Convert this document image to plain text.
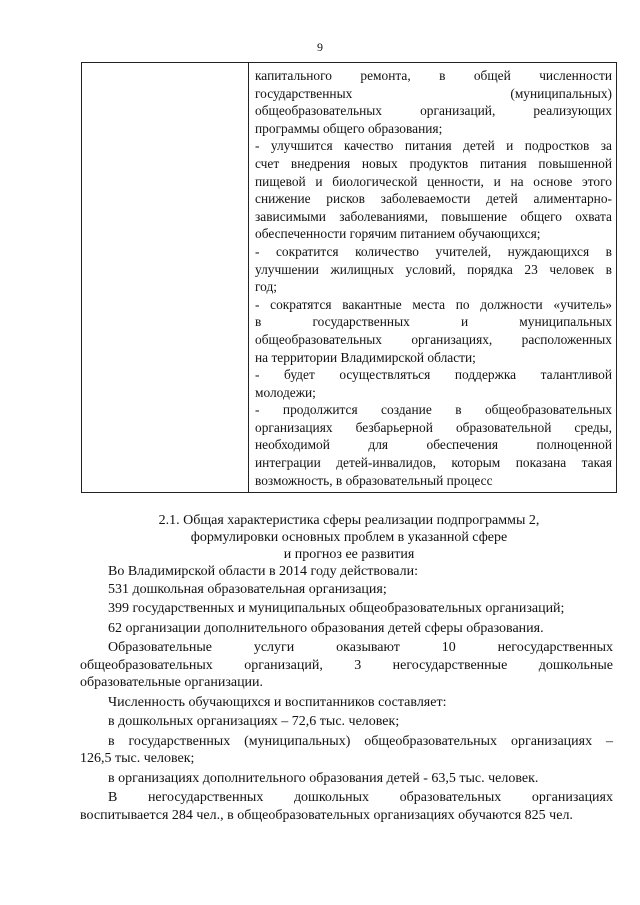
9
капитального ремонта, в общей численности
государственных (муниципальных)
общеобразовательных организаций, реализующих
программы общего образования;
- улучшится качество питания детей и подростков за
счет внедрения новых продуктов питания повышенной
пищевой и биологической ценности, и на основе этого
снижение рисков заболеваемости детей алиментарно-
зависимыми заболеваниями, повышение общего охвата
обеспеченности горячим питанием обучающихся;
- сократится количество учителей, нуждающихся в
улучшении жилищных условий, порядка 23 человек в
год;
- сократятся вакантные места по должности «учитель»
в государственных и муниципальных
общеобразовательных организациях, расположенных
на территории Владимирской области;
- будет осуществляться поддержка талантливой
молодежи;
- продолжится создание в общеобразовательных
организациях безбарьерной образовательной среды,
необходимой для обеспечения полноценной
интеграции детей-инвалидов, которым показана такая
возможность, в образовательный процесс
2.1. Общая характеристика сферы реализации подпрограммы 2,
формулировки основных проблем в указанной сфере
и прогноз ее развития
Во Владимирской области в 2014 году действовали:
531 дошкольная образовательная организация;
399 государственных и муниципальных общеобразовательных организаций;
62 организации дополнительного образования детей сферы образования.
Образовательные услуги оказывают 10 негосударственных
общеобразовательных организаций, 3 негосударственные дошкольные
образовательные организации.
Численность обучающихся и воспитанников составляет:
в дошкольных организациях – 72,6 тыс. человек;
в государственных (муниципальных) общеобразовательных организациях –
126,5 тыс. человек;
в организациях дополнительного образования детей - 63,5 тыс. человек.
В негосударственных дошкольных образовательных организациях
воспитывается 284 чел., в общеобразовательных организациях обучаются 825 чел.
